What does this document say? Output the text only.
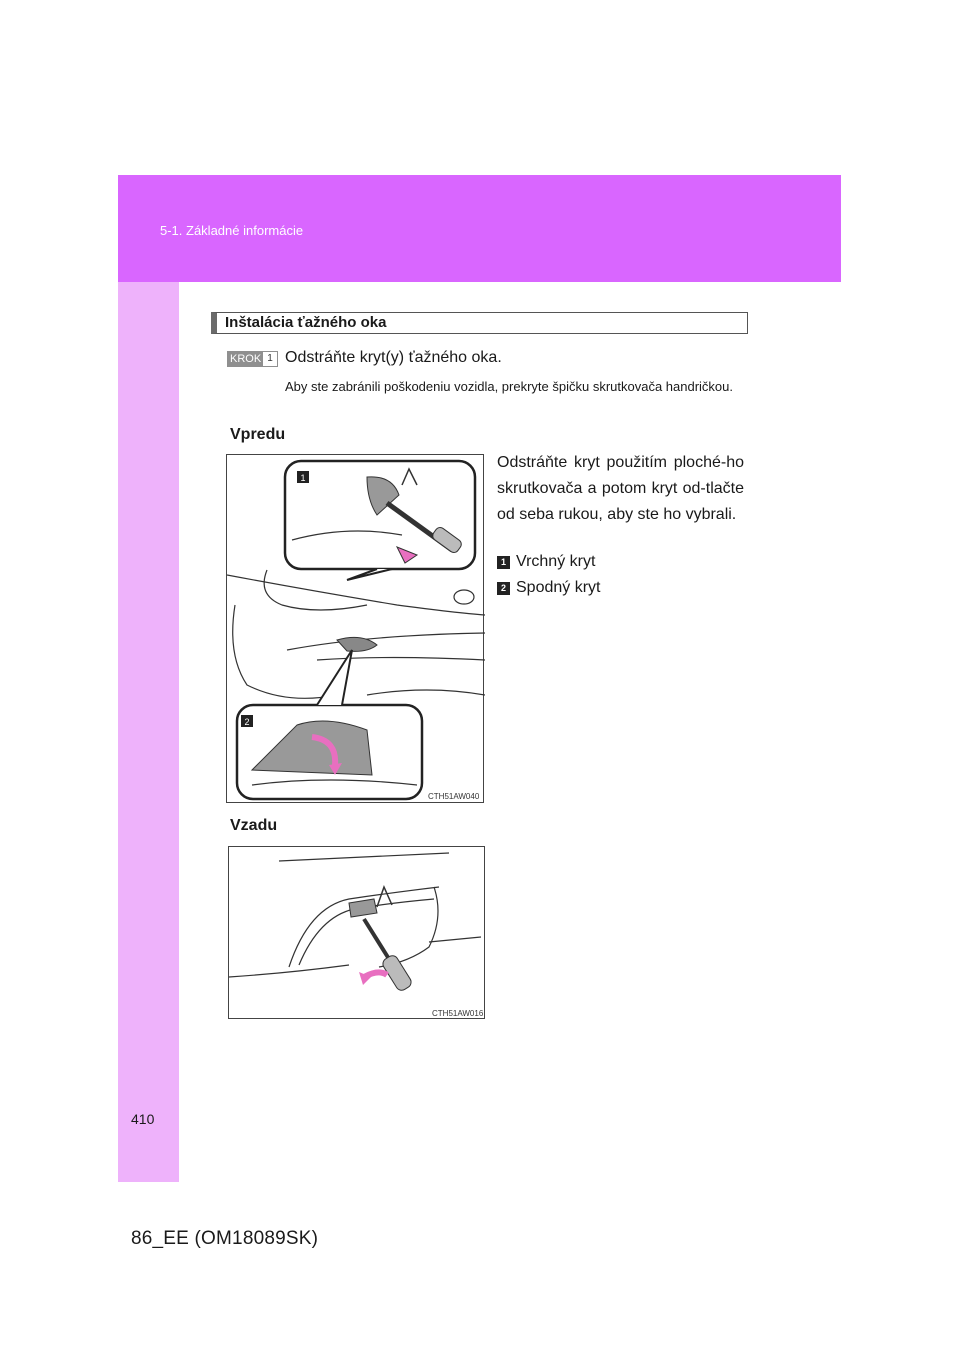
5-1. Základné informácie
Inštalácia ťažného oka
KROK 1 Odstráňte kryt(y) ťažného oka.
Aby ste zabránili poškodeniu vozidla, prekryte špičku skrutkovača handričkou.
Vpredu
1
2
CTH51AW040
Odstráňte kryt použitím ploché-ho skrutkovača a potom kryt od-tlačte od seba rukou, aby ste ho vybrali.
1 Vrchný kryt
2 Spodný kryt
Vzadu
CTH51AW016
410
86_EE (OM18089SK)
